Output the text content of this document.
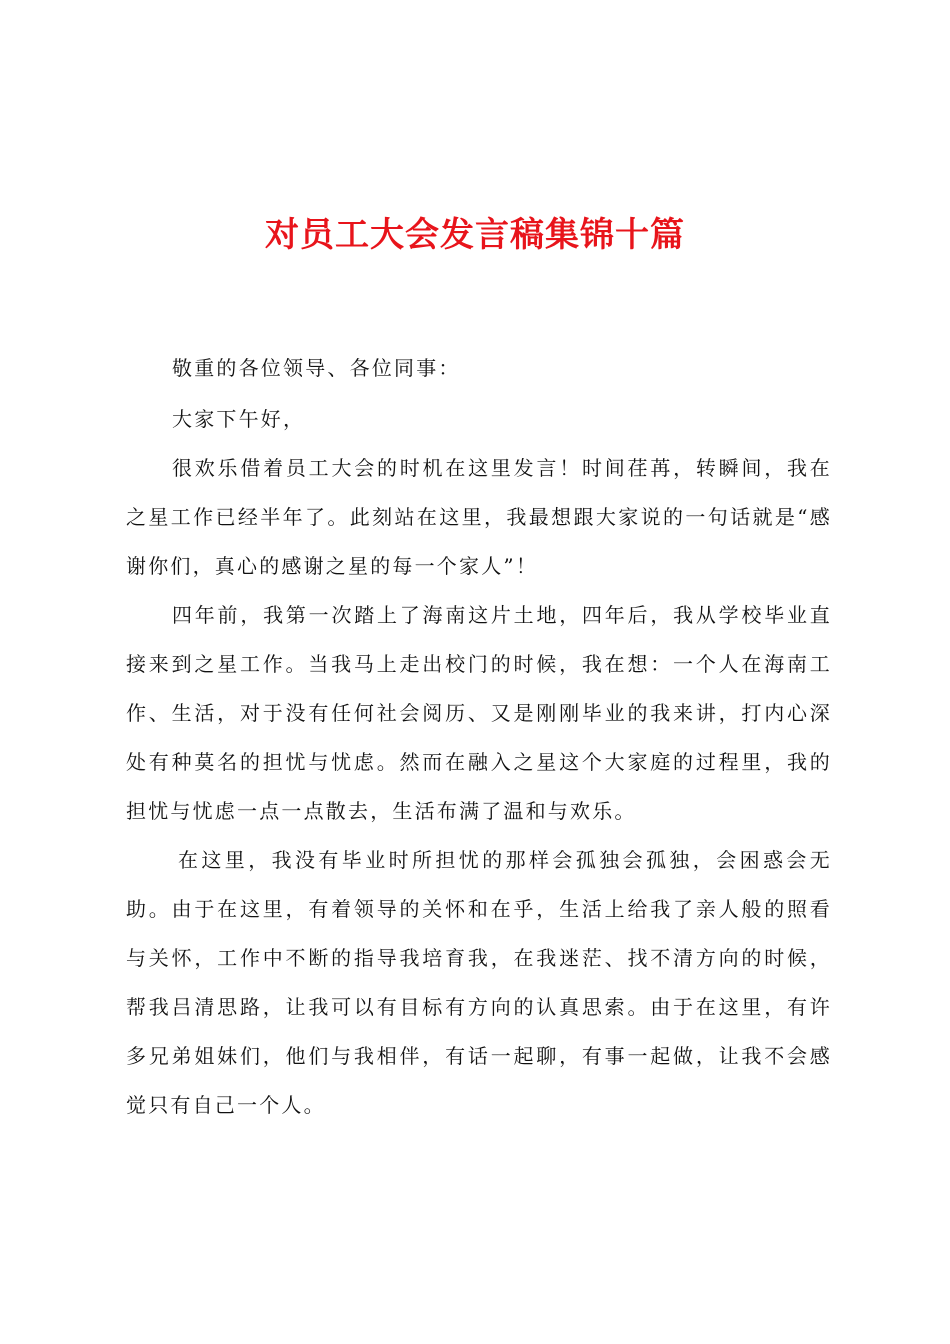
对员工大会发言稿集锦十篇

敬重的各位领导、各位同事：

大家下午好，

很欢乐借着员工大会的时机在这里发言！时间荏苒，转瞬间，我在之星工作已经半年了。此刻站在这里，我最想跟大家说的一句话就是“感谢你们，真心的感谢之星的每一个家人”！

四年前，我第一次踏上了海南这片土地，四年后，我从学校毕业直接来到之星工作。当我马上走出校门的时候，我在想：一个人在海南工作、生活，对于没有任何社会阅历、又是刚刚毕业的我来讲，打内心深处有种莫名的担忧与忧虑。然而在融入之星这个大家庭的过程里，我的担忧与忧虑一点一点散去，生活布满了温和与欢乐。

在这里，我没有毕业时所担忧的那样会孤独会孤独，会困惑会无助。由于在这里，有着领导的关怀和在乎，生活上给我了亲人般的照看与关怀，工作中不断的指导我培育我，在我迷茫、找不清方向的时候，帮我吕清思路，让我可以有目标有方向的认真思索。由于在这里，有许多兄弟姐妹们，他们与我相伴，有话一起聊，有事一起做，让我不会感觉只有自己一个人。
